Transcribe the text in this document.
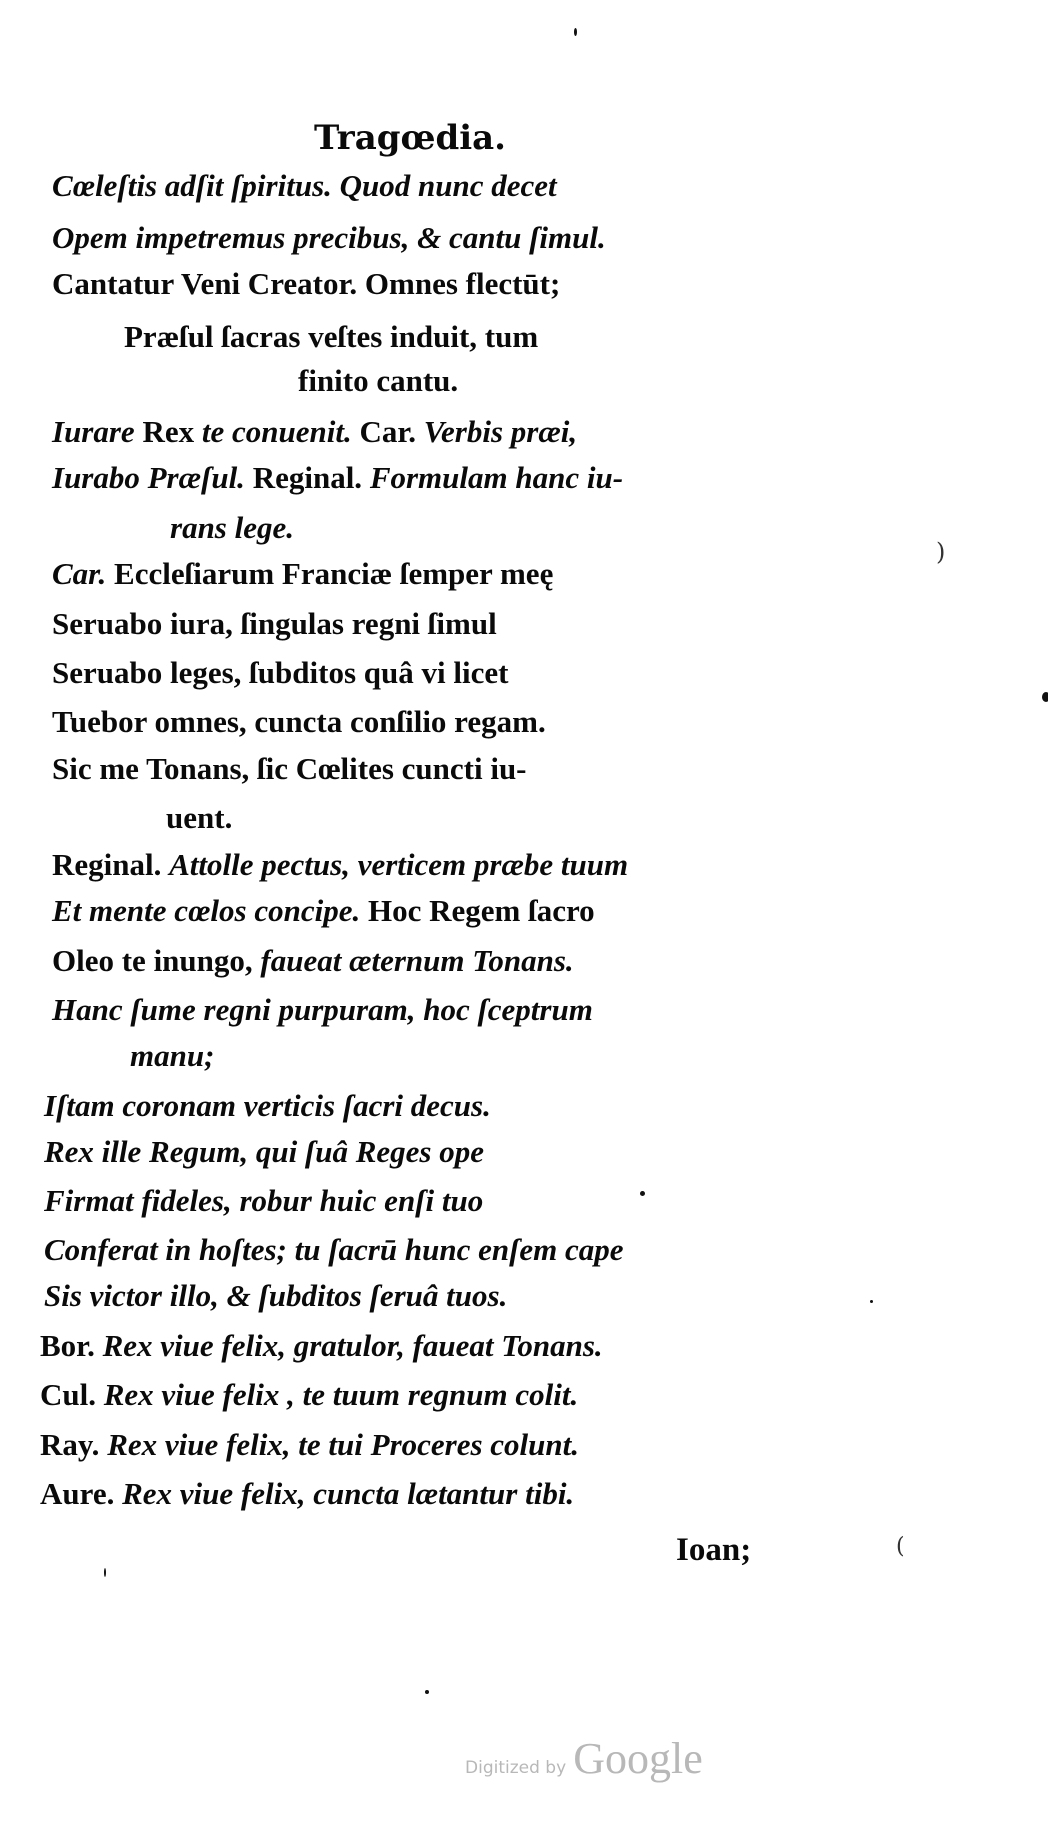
Tragœdia.
Cœleſtis adſit ſpiritus. Quod nunc decet
Opem impetremus precibus, & cantu ſimul.
Cantatur Veni Creator. Omnes flectūt;
Præſul ſacras veſtes induit, tum
finito cantu.
Iurare Rex te conuenit. Car. Verbis præi,
Iurabo Præſul. Reginal. Formulam hanc iu-
rans lege.
Car. Eccleſiarum Franciæ ſemper meę
Seruabo iura, ſingulas regni ſimul
Seruabo leges, ſubditos quâ vi licet
Tuebor omnes, cuncta conſilio regam.
Sic me Tonans, ſic Cœlites cuncti iu-
uent.
Reginal. Attolle pectus, verticem præbe tuum
Et mente cœlos concipe. Hoc Regem ſacro
Oleo te inungo, faueat æternum Tonans.
Hanc ſume regni purpuram, hoc ſceptrum
manu;
Iſtam coronam verticis ſacri decus.
Rex ille Regum, qui ſuâ Reges ope
Firmat fideles, robur huic enſi tuo
Conferat in hoſtes; tu ſacrū hunc enſem cape
Sis victor illo, & ſubditos ſeruâ tuos.
Bor. Rex viue felix, gratulor, faueat Tonans.
Cul. Rex viue felix , te tuum regnum colit.
Ray. Rex viue felix, te tui Proceres colunt.
Aure. Rex viue felix, cuncta lætantur tibi.
Ioan;
)
(
Digitized by Google
